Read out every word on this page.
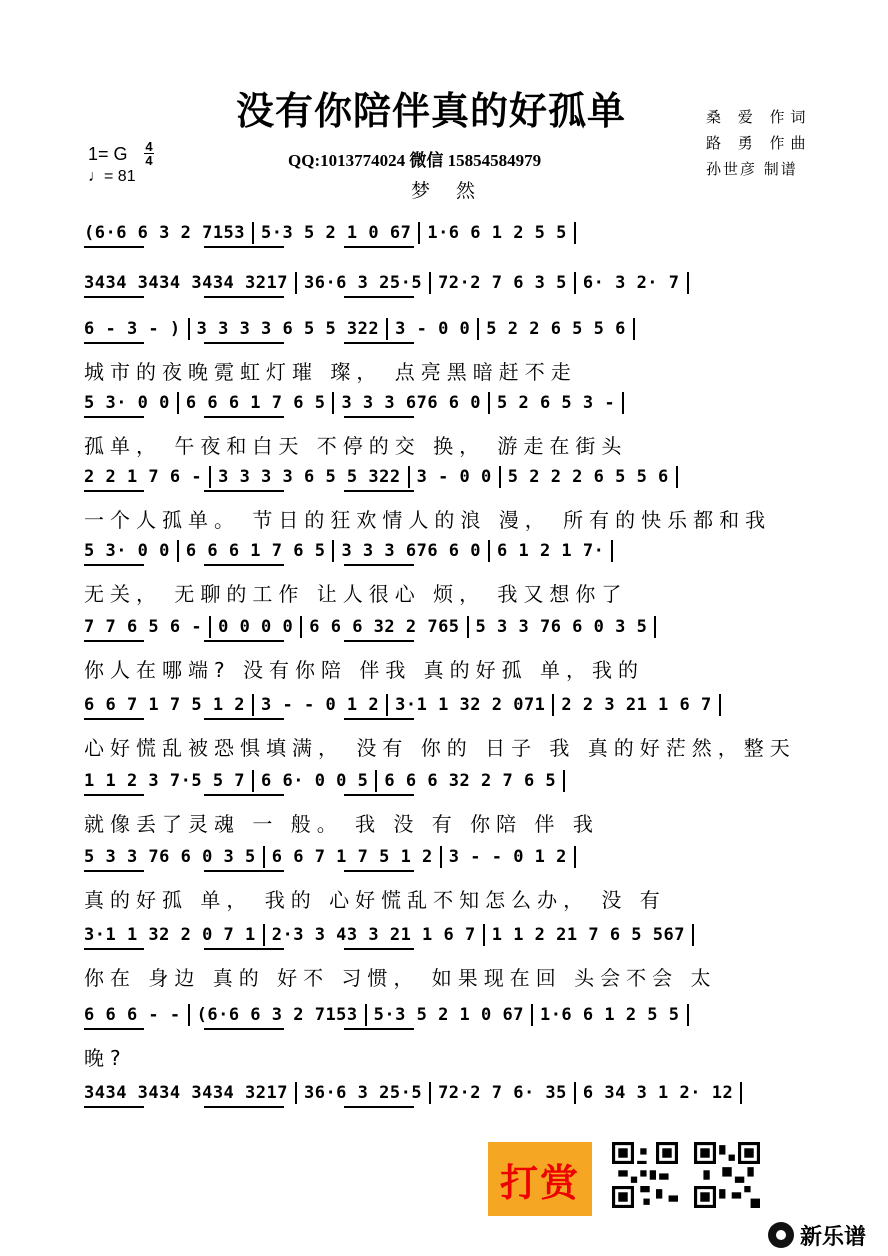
没有你陪伴真的好孤单	桑 爱 作词
路 勇 作曲
孙世彦 制谱
1= G 4
4
♩= 81
QQ:1013774024 微信 15854584979
梦 然
(6·6 6 3 2 7153 5·3 5 2 1 0 67 1·6 6 1 2 5 5
3434 3434 3434 3217 36·6 3 25·5 72·2 7 6 3 5 6· 3 2· 7
6 - 3 - ) 3 3 3 3 6 5 5 322 3 - 0 0 5 2 2 6 5 5 6
城市的夜晚霓虹灯璀 璨， 点亮黑暗赶不走
5 3· 0 0 6 6 6 1 7 6 5 3 3 3 676 6 0 5 2 6 5 3 -
孤单， 午夜和白天 不停的交 换， 游走在街头
2 2 1 7 6 - 3 3 3 3 6 5 5 322 3 - 0 0 5 2 2 2 6 5 5 6
一个人孤单。 节日的狂欢情人的浪 漫， 所有的快乐都和我
5 3· 0 0 6 6 6 1 7 6 5 3 3 3 676 6 0 6 1 2 1 7·
无关， 无聊的工作 让人很心 烦， 我又想你了
7 7 6 5 6 - 0 0 0 0 6 6 6 32 2 765 5 3 3 76 6 0 3 5
你人在哪端? 没有你陪 伴我 真的好孤 单，我的
6 6 7 1 7 5 1 2 3 - - 0 1 2 3·1 1 32 2 071 2 2 3 21 1 6 7
心好慌乱被恐惧填满， 没有 你的 日子 我 真的好茫然，整天
1 1 2 3 7·5 5 7 6 6· 0 0 5 6 6 6 32 2 7 6 5
就像丢了灵魂 一 般。 我 没 有 你陪 伴 我
5 3 3 76 6 0 3 5 6 6 7 1 7 5 1 2 3 - - 0 1 2
真的好孤 单， 我的 心好慌乱不知怎么办， 没 有
3·1 1 32 2 0 7 1 2·3 3 43 3 21 1 6 7 1 1 2 21 7 6 5 567
你在 身边 真的 好不 习惯， 如果现在回 头会不会 太
6 6 6 - - (6·6 6 3 2 7153 5·3 5 2 1 0 67 1·6 6 1 2 5 5
晚?
3434 3434 3434 3217 36·6 3 25·5 72·2 7 6· 35 6 34 3 1 2· 12
打赏
新乐谱
